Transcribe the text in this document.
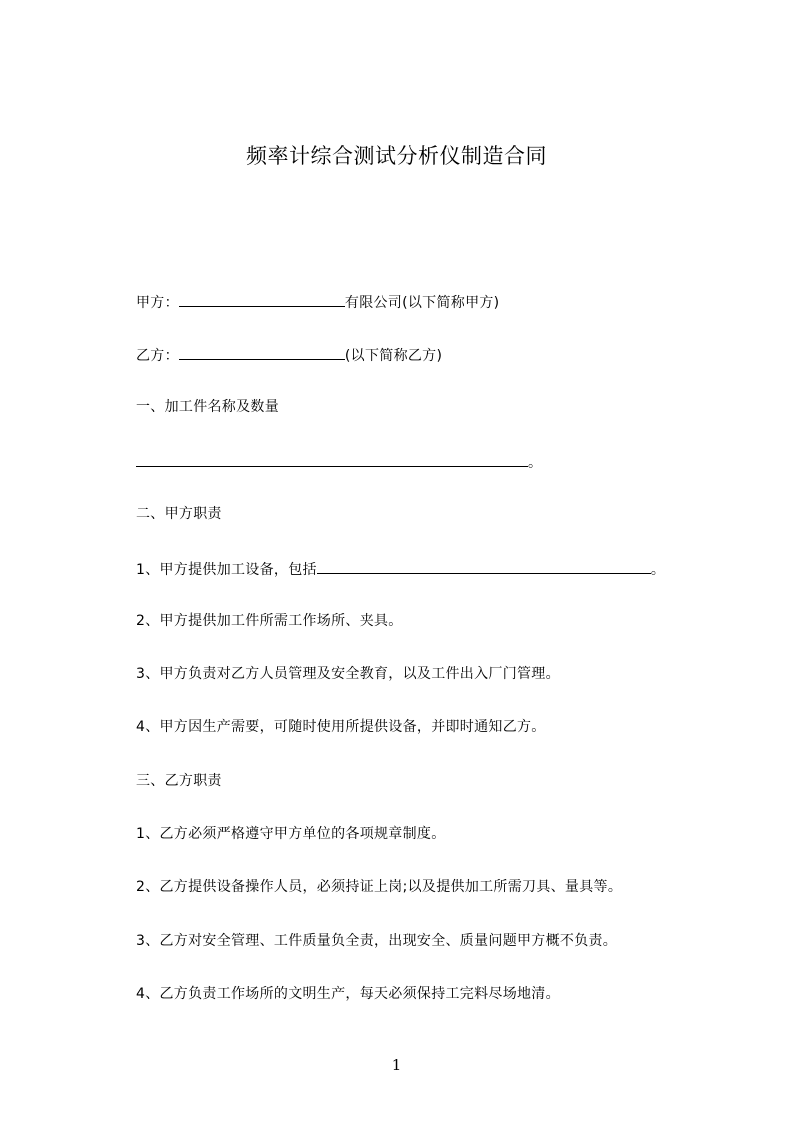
频率计综合测试分析仪制造合同
甲方：	有限公司(以下简称甲方)
乙方：	(以下简称乙方)
一、加工件名称及数量
。
二、甲方职责
1、甲方提供加工设备，包括	。
2、甲方提供加工件所需工作场所、夹具。
3、甲方负责对乙方人员管理及安全教育，以及工件出入厂门管理。
4、甲方因生产需要，可随时使用所提供设备，并即时通知乙方。
三、乙方职责
1、乙方必须严格遵守甲方单位的各项规章制度。
2、乙方提供设备操作人员，必须持证上岗;以及提供加工所需刀具、量具等。
3、乙方对安全管理、工件质量负全责，出现安全、质量问题甲方概不负责。
4、乙方负责工作场所的文明生产，每天必须保持工完料尽场地清。
1
